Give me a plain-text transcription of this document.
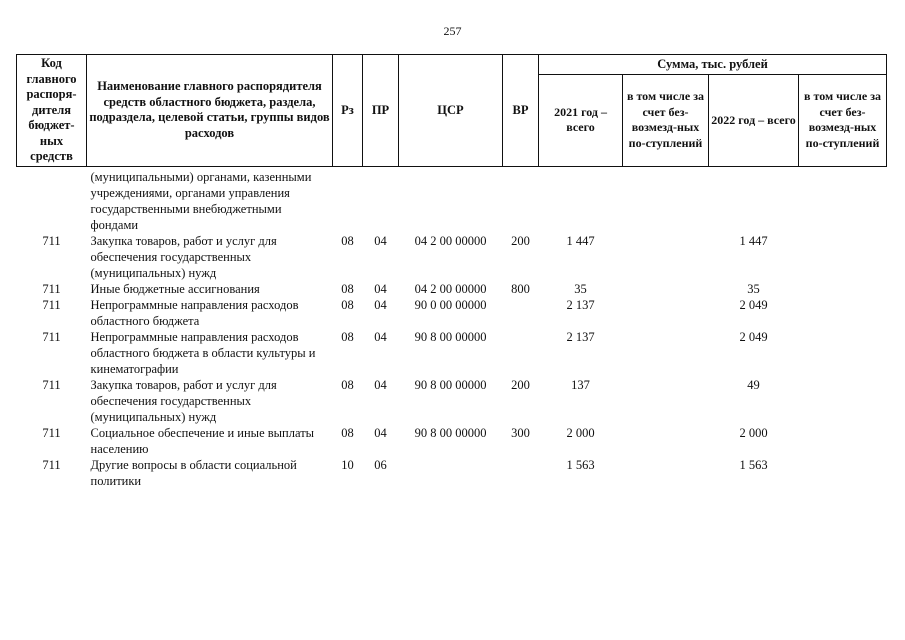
257
Код главного распоря-дителя бюджет-ных средств	Наименование главного распорядителя средств областного бюджета, раздела, подраздела, целевой статьи, группы видов расходов	Рз	ПР	ЦСР	ВР	Сумма, тыс. рублей			
						2021 год – всего	в том числе за счет без-возмезд-ных по-ступлений	2022 год – всего	в том числе за счет без-возмезд-ных по-ступлений

	(муниципальными) органами, казенными учреждениями, органами управления государственными внебюджетными фондами								
711	Закупка товаров, работ и услуг для обеспечения государственных (муниципальных) нужд	08	04	04 2 00 00000	200	1 447		1 447	
711	Иные бюджетные ассигнования	08	04	04 2 00 00000	800	35		35	
711	Непрограммные направления расходов областного бюджета	08	04	90 0 00 00000		2 137		2 049	
711	Непрограммные направления расходов областного бюджета в области культуры и кинематографии	08	04	90 8 00 00000		2 137		2 049	
711	Закупка товаров, работ и услуг для обеспечения государственных (муниципальных) нужд	08	04	90 8 00 00000	200	137		49	
711	Социальное обеспечение и иные выплаты населению	08	04	90 8 00 00000	300	2 000		2 000	
711	Другие вопросы в области социальной политики	10	06			1 563		1 563	
